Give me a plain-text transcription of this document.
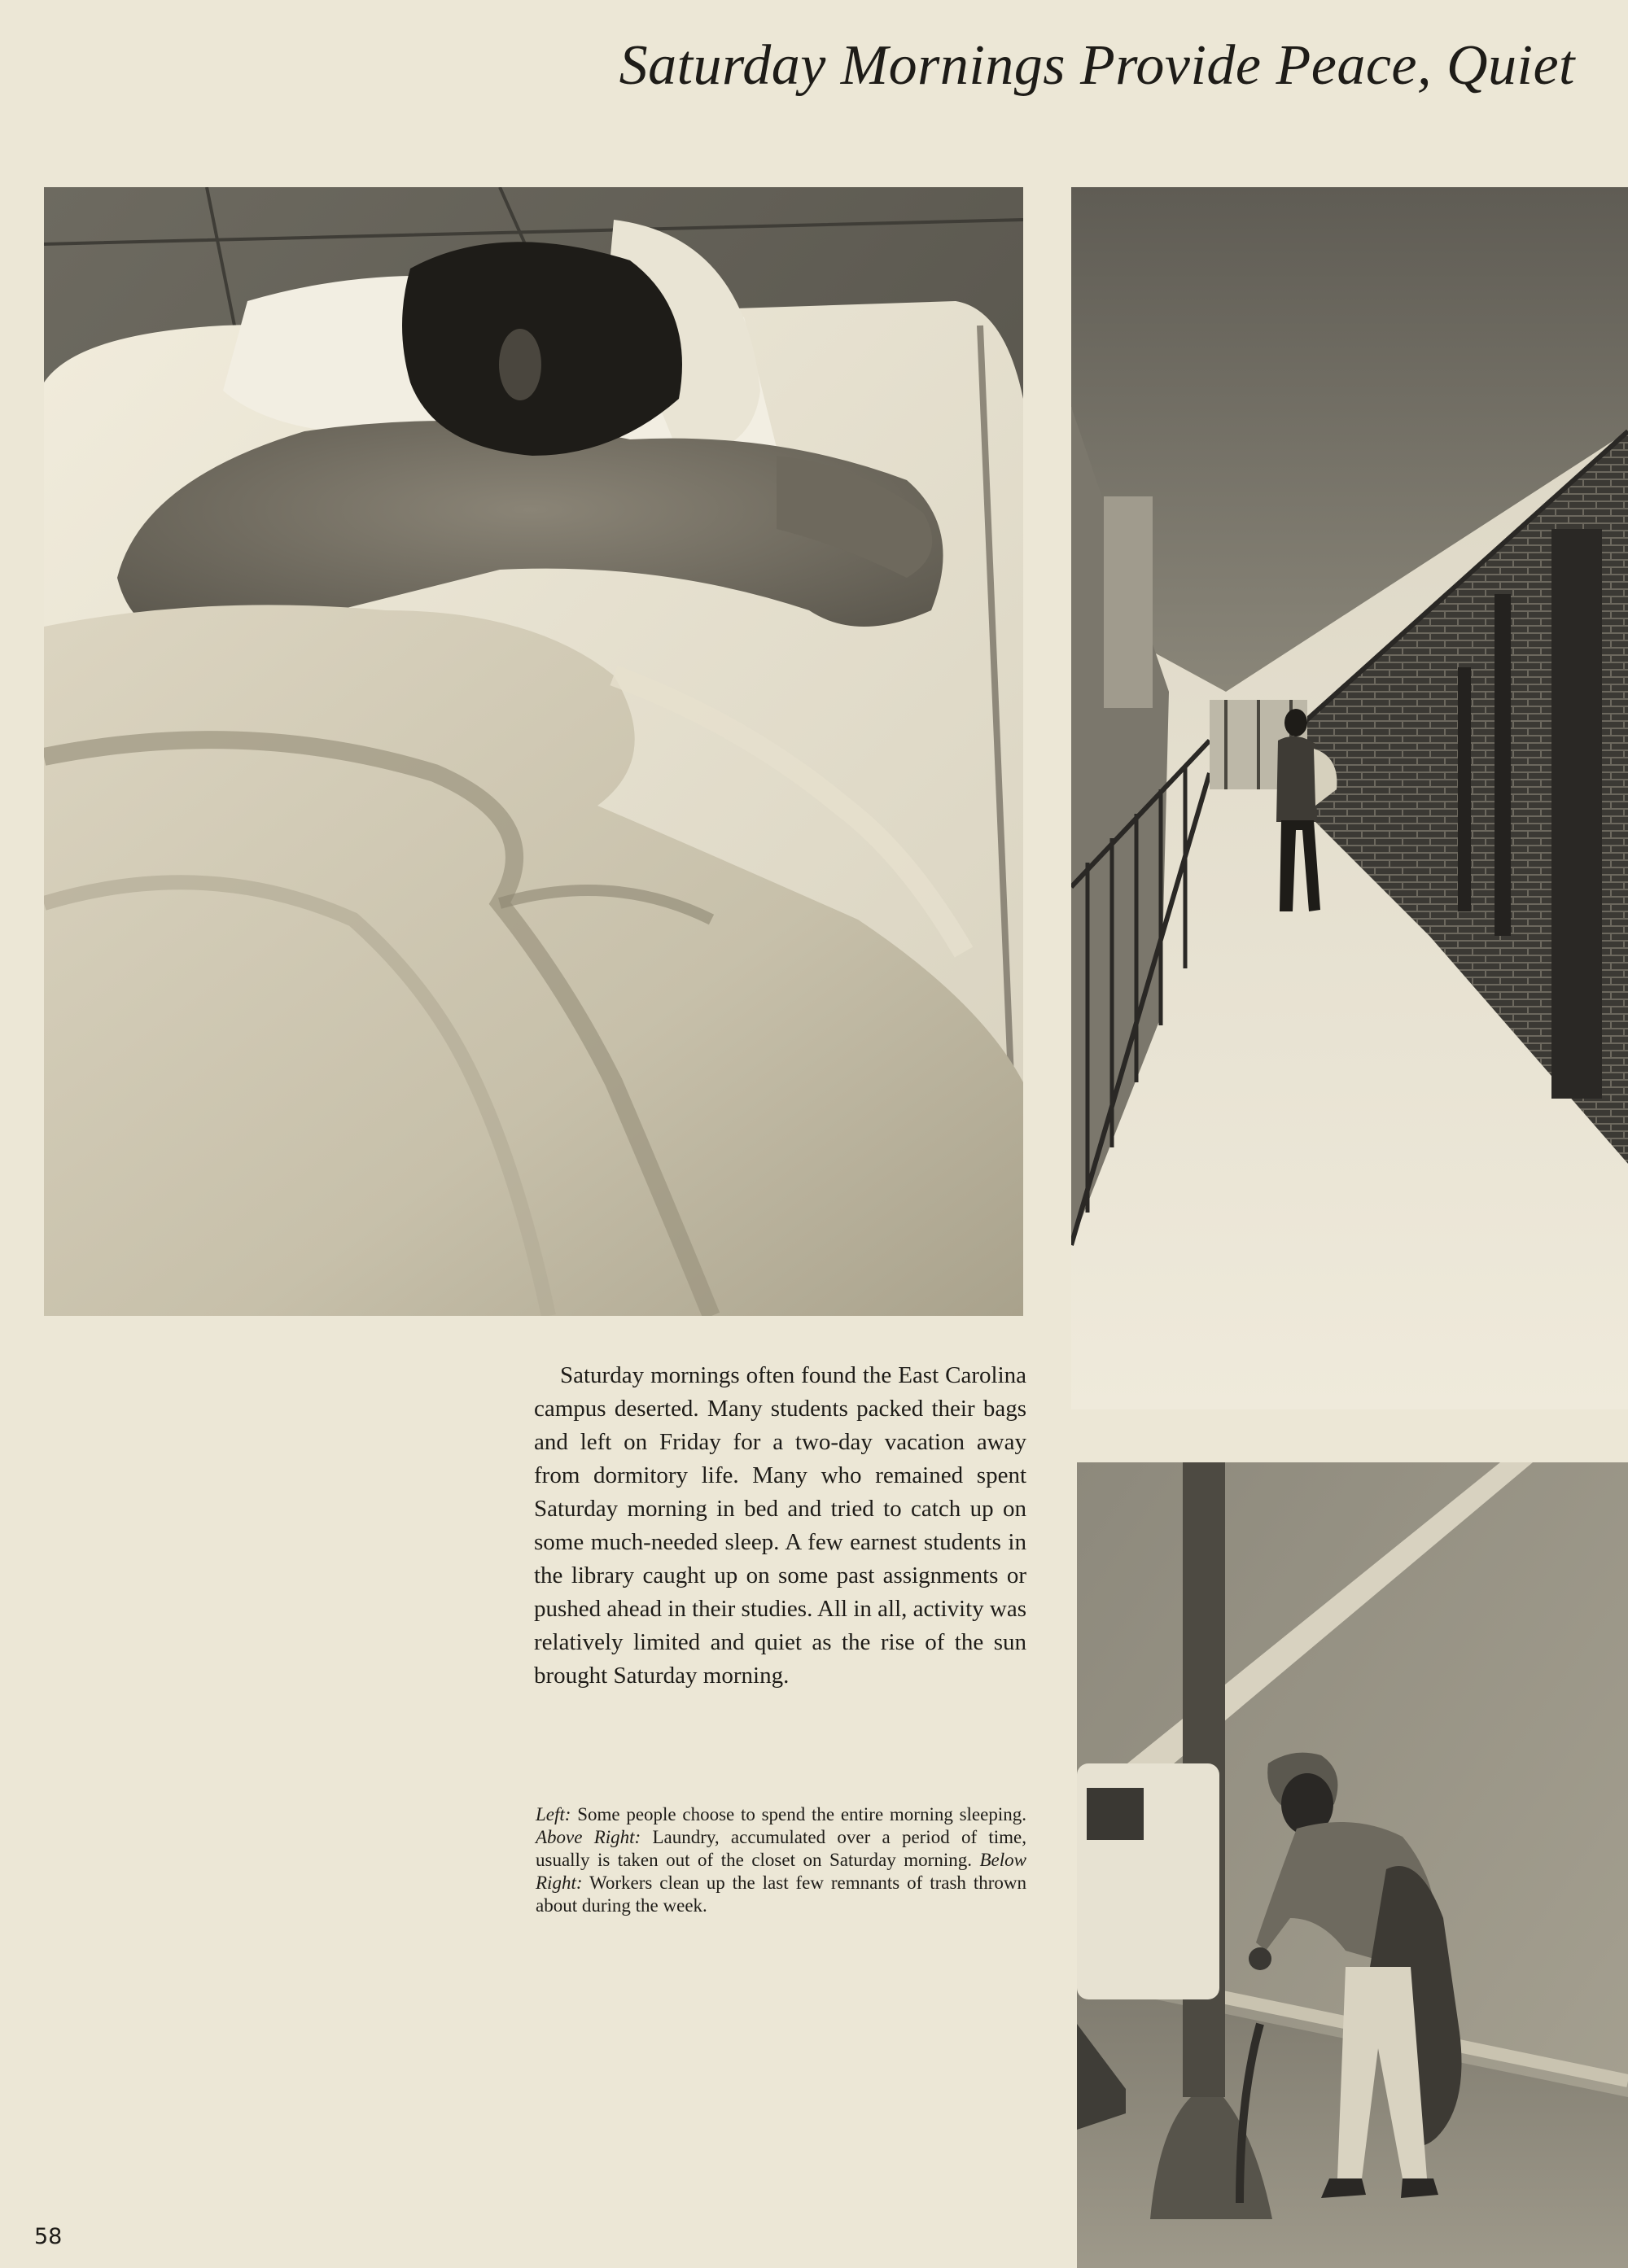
Saturday Mornings Provide Peace, Quiet

Saturday mornings often found the East Carolina campus deserted. Many students packed their bags and left on Friday for a two-day vacation away from dormitory life. Many who remained spent Saturday morning in bed and tried to catch up on some much-needed sleep. A few earnest students in the library caught up on some past assignments or pushed ahead in their studies. All in all, activity was relatively limited and quiet as the rise of the sun brought Saturday morning.

Left: Some people choose to spend the entire morning sleeping. Above Right: Laundry, accumulated over a period of time, usually is taken out of the closet on Saturday morning. Below Right: Workers clean up the last few remnants of trash thrown about during the week.

58
